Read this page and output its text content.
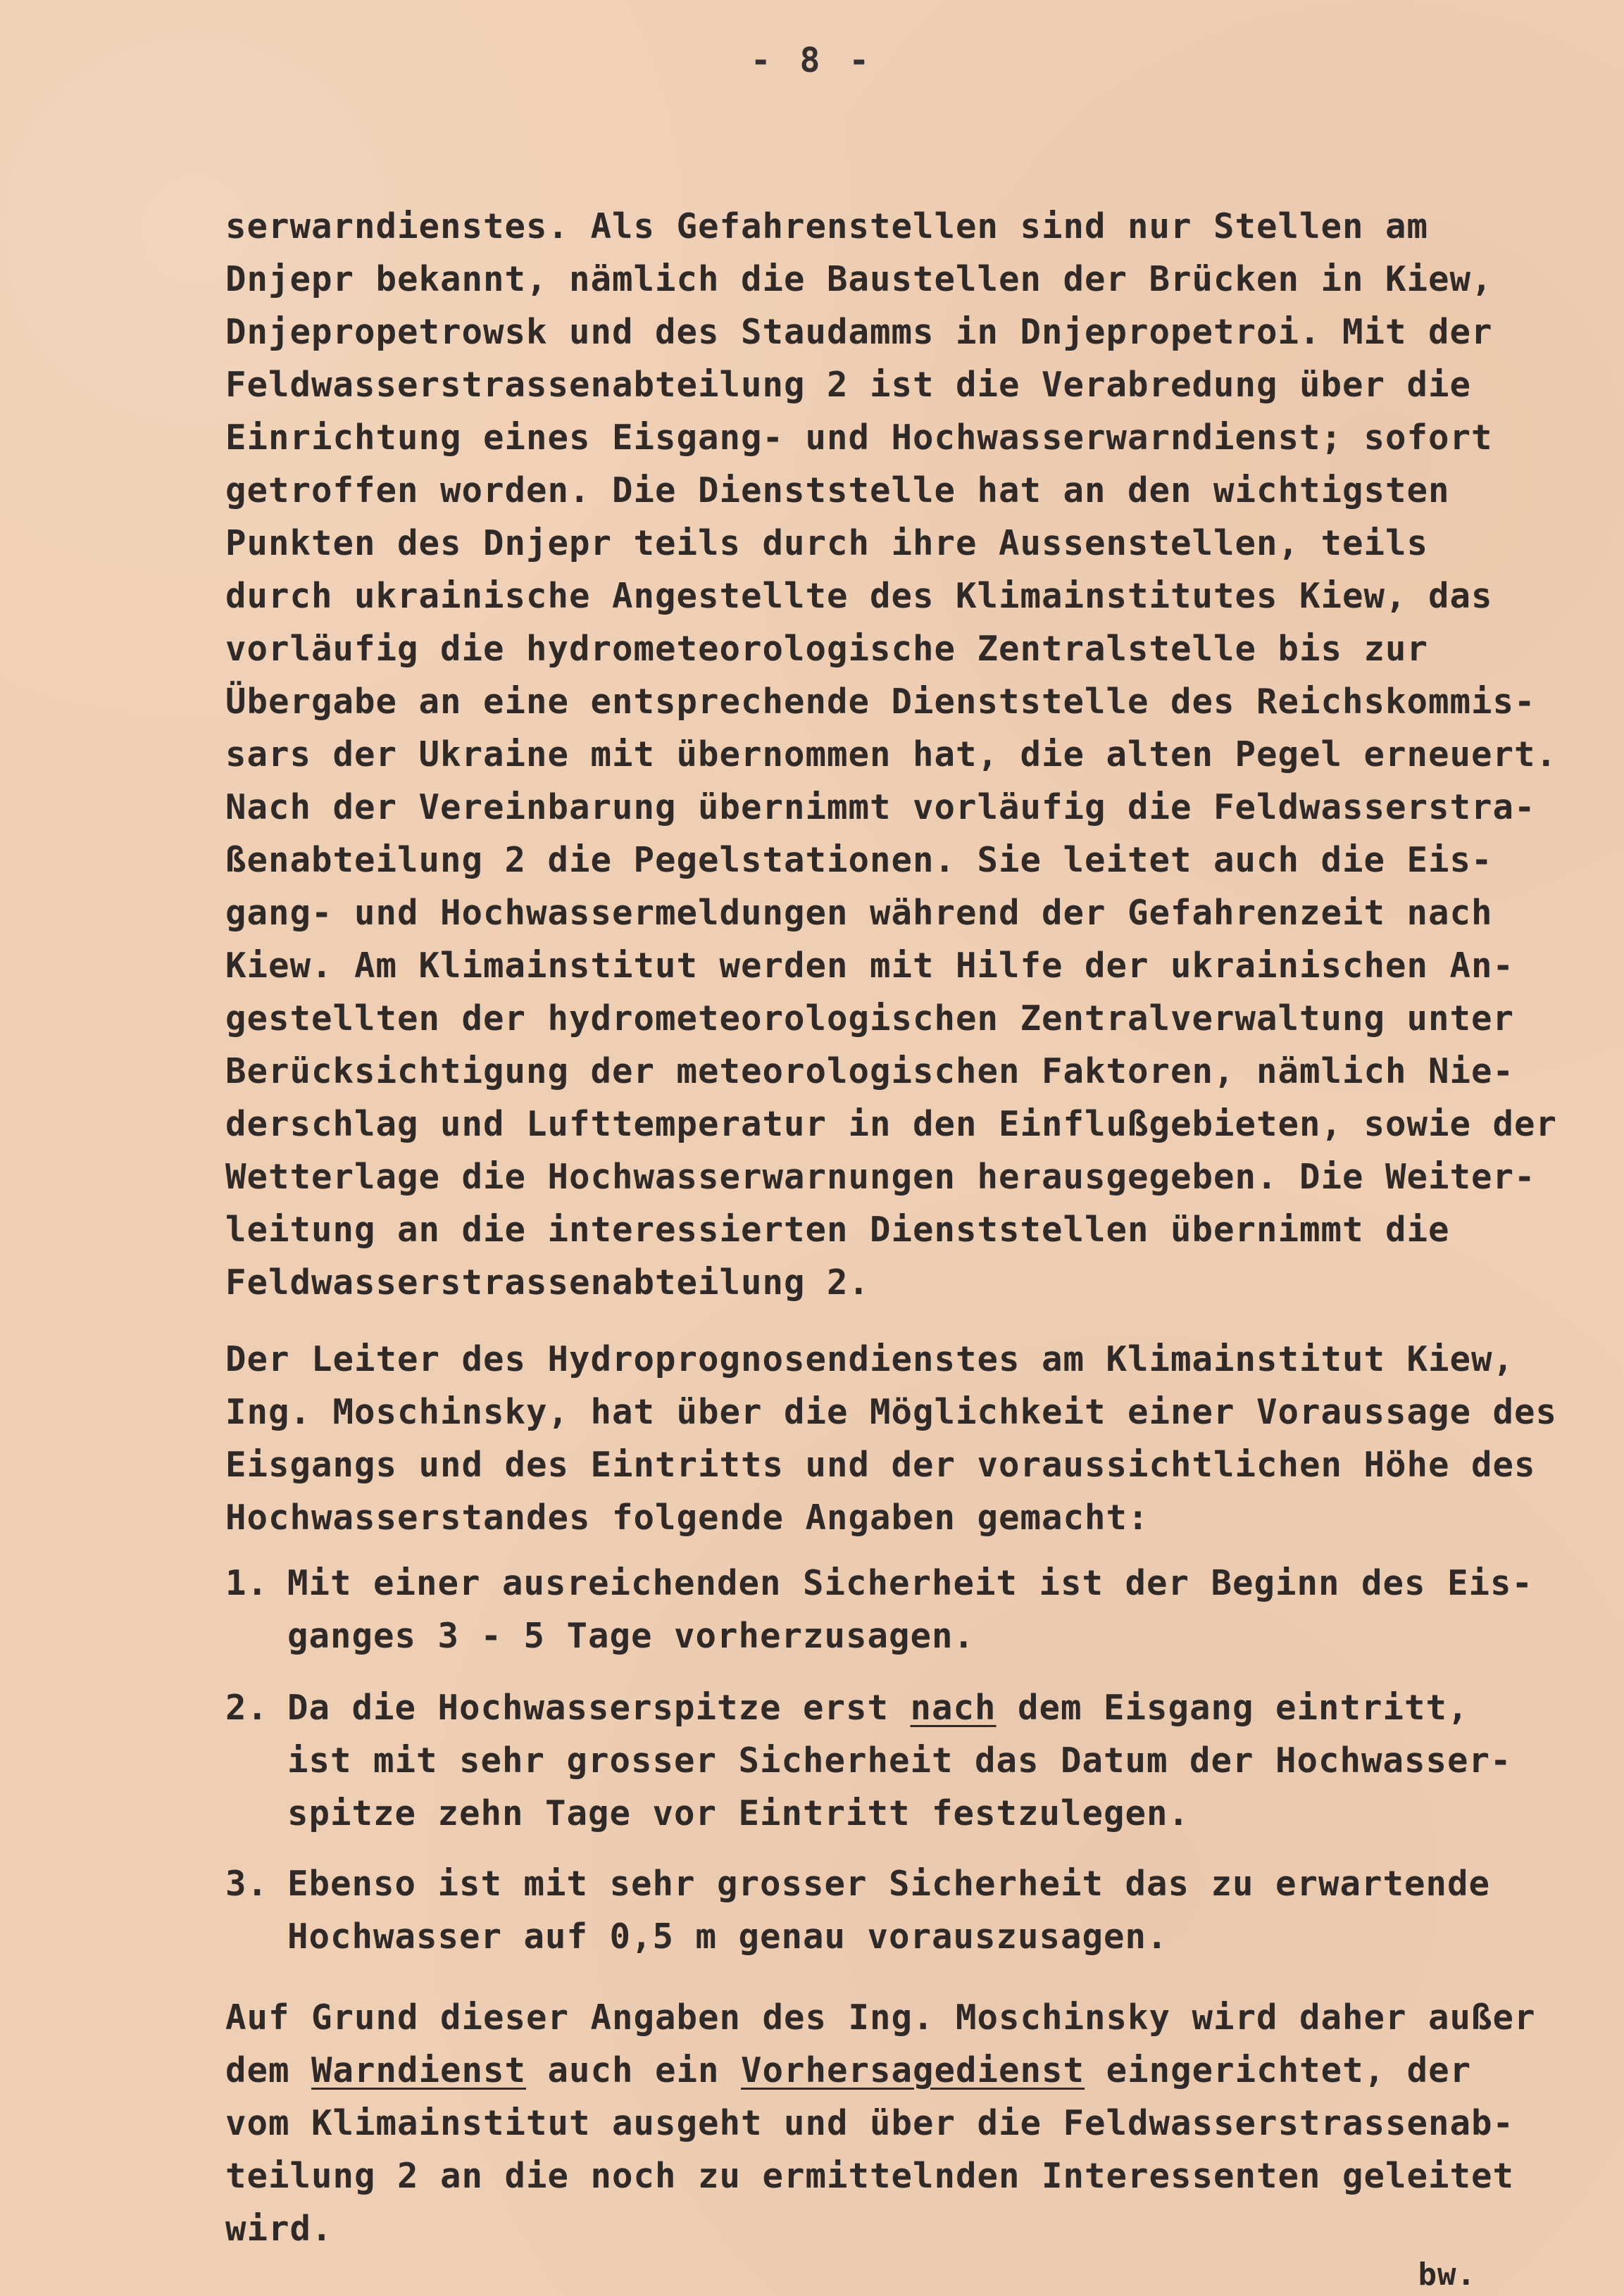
- 8 -
serwarndienstes. Als Gefahrenstellen sind nur Stellen am
Dnjepr bekannt, nämlich die Baustellen der Brücken in Kiew,
Dnjepropetrowsk und des Staudamms in Dnjepropetroi. Mit der
Feldwasserstrassenabteilung 2 ist die Verabredung über die
Einrichtung eines Eisgang- und Hochwasserwarndienst; sofort
getroffen worden. Die Dienststelle hat an den wichtigsten
Punkten des Dnjepr teils durch ihre Aussenstellen, teils
durch ukrainische Angestellte des Klimainstitutes Kiew, das
vorläufig die hydrometeorologische Zentralstelle bis zur
Übergabe an eine entsprechende Dienststelle des Reichskommis-
sars der Ukraine mit übernommen hat, die alten Pegel erneuert.
Nach der Vereinbarung übernimmt vorläufig die Feldwasserstra-
ßenabteilung 2 die Pegelstationen. Sie leitet auch die Eis-
gang- und Hochwassermeldungen während der Gefahrenzeit nach
Kiew. Am Klimainstitut werden mit Hilfe der ukrainischen An-
gestellten der hydrometeorologischen Zentralverwaltung unter
Berücksichtigung der meteorologischen Faktoren, nämlich Nie-
derschlag und Lufttemperatur in den Einflußgebieten, sowie der
Wetterlage die Hochwasserwarnungen herausgegeben. Die Weiter-
leitung an die interessierten Dienststellen übernimmt die
Feldwasserstrassenabteilung 2.
Der Leiter des Hydroprognosendienstes am Klimainstitut Kiew,
Ing. Moschinsky, hat über die Möglichkeit einer Voraussage des
Eisgangs und des Eintritts und der voraussichtlichen Höhe des
Hochwasserstandes folgende Angaben gemacht:
1. Mit einer ausreichenden Sicherheit ist der Beginn des Eis-
ganges 3 - 5 Tage vorherzusagen.
2. Da die Hochwasserspitze erst nach dem Eisgang eintritt,
ist mit sehr grosser Sicherheit das Datum der Hochwasser-
spitze zehn Tage vor Eintritt festzulegen.
3. Ebenso ist mit sehr grosser Sicherheit das zu erwartende
Hochwasser auf 0,5 m genau vorauszusagen.
Auf Grund dieser Angaben des Ing. Moschinsky wird daher außer
dem Warndienst auch ein Vorhersagedienst eingerichtet, der
vom Klimainstitut ausgeht und über die Feldwasserstrassenab-
teilung 2 an die noch zu ermittelnden Interessenten geleitet
wird.
bw.
